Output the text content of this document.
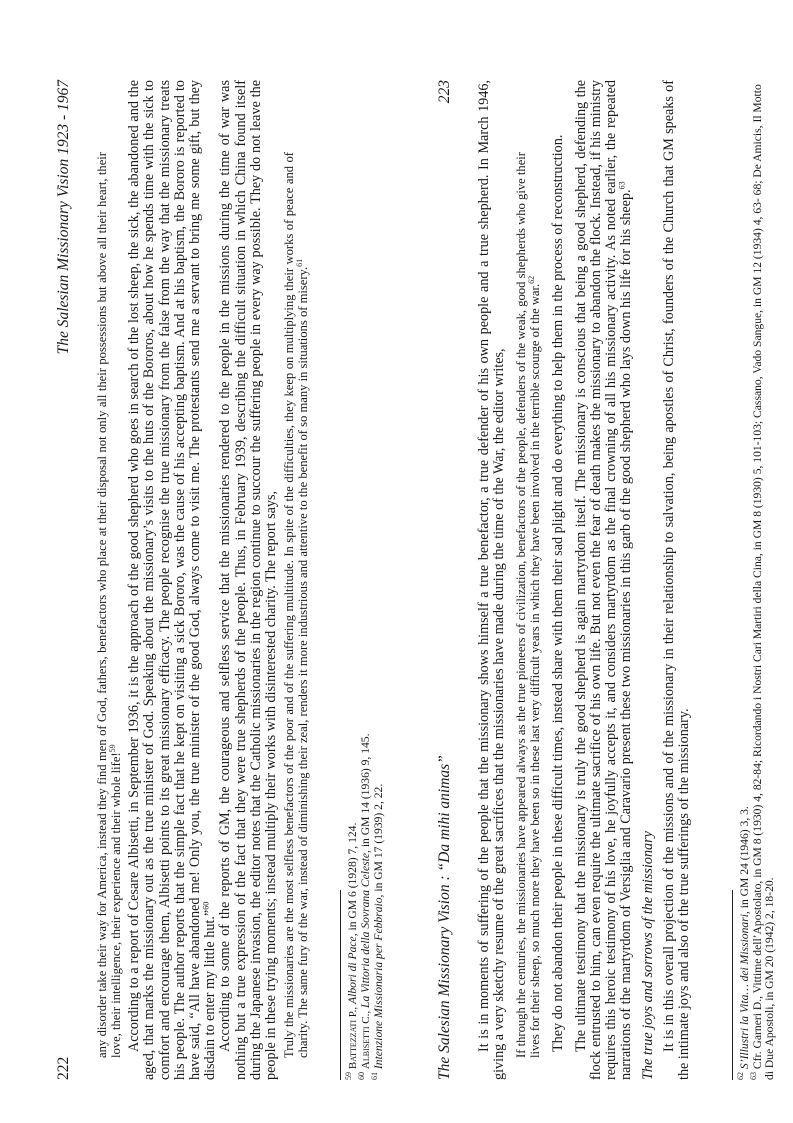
222
The Salesian Missionary Vision 1923 - 1967 any disorder take their way for America, instead they find men of God, fathers, benefactors who place at their disposal not only all their possessions but above all their heart, their love, their intelligence, their experience and their whole life!$^{59}$ According to a report of Cesare Albisetti, in September 1936, it is the approach of the good shepherd who goes in search of the lost sheep, the sick, the abandoned and the aged, that marks the missionary out as the true minister of God. Speaking about the missionary’s visits to the huts of the Bororos, about how he spends time with the sick to comfort and encourage them, Albisetti points to its great missionary efficacy. The people recognise the true missionary from the false from the way that the missionary treats his people. The author reports that the simple fact that he kept on visiting a sick Bororo, was the cause of his accepting baptism. And at his baptism, the Bororo is reported to have said, “All have abandoned me! Only you, the true minister of the good God, always come to visit me. The protestants send me a servant to bring me some gift, but they disdain to enter my little hut.”$^{60}$ According to some of the reports of GM, the courageous and selfless service that the missionaries rendered to the people in the missions during the time of war was nothing but a true expression of the fact that they were true shepherds of the people. Thus, in February 1939, describing the difficult situation in which China found itself during the Japanese invasion, the editor notes that the Catholic missionaries in the region continue to succour the suffering people in every way possible. They do not leave the people in these trying moments; instead multiply their works with disinterested charity. The report says, Truly the missionaries are the most selfless benefactors of the poor and of the suffering multitude. In spite of the difficulties, they keep on multiplying their works of peace and of charity. The same fury of the war, instead of diminishing their zeal, renders it more industrious and attentive to the benefit of so many in situations of misery.$^{61}$
$^{59}$ Battezzati P., Albori di Pace, in GM 6 (1928) 7, 124.
$^{60}$ Albisetti C., La Vittoria della Sovrana Celeste, in GM 14 (1936) 9, 145.
$^{61}$ Intenzione Missionaria per Febbraio, in GM 17 (1939) 2, 22.	The Salesian Missionary Vision : “Da mihi animas”
223 It is in moments of suffering of the people that the missionary shows himself a true benefactor, a true defender of his own people and a true shepherd. In March 1946, giving a very sketchy resume of the great sacrifices that the missionaries have made during the time of the War, the editor writes, If through the centuries, the missionaries have appeared always as the true pioneers of civilization, benefactors of the people, defenders of the weak, good shepherds who give their lives for their sheep, so much more they have been so in these last very difficult years in which they have been involved in the terrible scourge of the war.$^{62}$ They do not abandon their people in these difficult times, instead share with them their sad plight and do everything to help them in the process of reconstruction. The ultimate testimony that the missionary is truly the good shepherd is again martyrdom itself. The missionary is conscious that being a good shepherd, defending the flock entrusted to him, can even require the ultimate sacrifice of his own life. But not even the fear of death makes the missionary to abandon the flock. Instead, if his ministry requires this heroic testimony of his love, he joyfully accepts it, and considers martyrdom as the final crowning of all his missionary activity. As noted earlier, the repeated narrations of the martyrdom of Versiglia and Caravario present these two missionaries in this garb of the good shepherd who lays down his life for his sheep.$^{63}$

The true joys and sorrows of the missionary It is in this overall projection of the missions and of the missionary in their relationship to salvation, being apostles of Christ, founders of the Church that GM speaks of the intimate joys and also of the true sufferings of the missionary.	$^{62}$ S’Illustri la Vita… dei Missionari, in GM 24 (1946) 3, 3.
$^{63}$ Cfr. Garneri D., Vittime dell’Apostolato, in GM 8 (1930) 4, 82-84; Ricordando i Nostri Cari Martiri della Cina, in GM 8 (1930) 5, 101-103; Cassano, Vado Sangue, in GM 12 (1934) 4, 63- 68; De Amicis, Il Motto di Due Apostoli, in GM 20 (1942) 2, 18-20.
